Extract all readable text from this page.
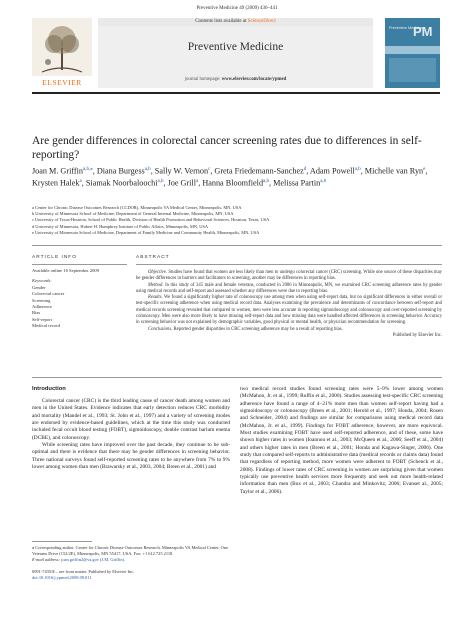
Preventive Medicine 49 (2009) 436–441
ELSEVIER
Contents lists available at ScienceDirect
Preventive Medicine
journal homepage: www.elsevier.com/locate/ypmed
Preventive Medicine
PM
Are gender differences in colorectal cancer screening rates due to differences in self-reporting?
Joan M. Griffin$^{a,b,⁎}$, Diana Burgess$^{a,b}$, Sally W. Vernon$^c$, Greta Friedemann-Sanchez$^d$, Adam Powell$^{a,b}$, Michelle van Ryn$^e$, Krysten Halek$^a$, Siamak Noorbaloochi$^{a,b}$, Joe Grill$^a$, Hanna Bloomfield$^{a,b}$, Melissa Partin$^{a,b}$
a Center for Chronic Disease Outcomes Research (CCDOR), Minneapolis VA Medical Center, Minneapolis, MN, USA
b University of Minnesota School of Medicine, Department of General Internal Medicine, Minneapolis, MN, USA
c University of Texas-Houston, School of Public Health, Division of Health Promotion and Behavioral Sciences, Houston, Texas, USA
d University of Minnesota, Hubert H. Humphrey Institute of Public Affairs, Minneapolis, MN, USA
e University of Minnesota School of Medicine, Department of Family Medicine and Community Health, Minneapolis, MN, USA
ARTICLE INFO
Available online 16 September 2009
Keywords:
Gender
Colorectal cancer
Screening
Adherence
Bias
Self-report
Medical record
ABSTRACT

Objective. Studies have found that women are less likely than men to undergo colorectal cancer (CRC) screening. While one source of these disparities may be gender differences in barriers and facilitators to screening, another may be differences in reporting bias.

Method. In this study of 345 male and female veterans, conducted in 2006 in Minneapolis, MN, we examined CRC screening adherence rates by gender using medical records and self-report and assessed whether any differences were due to reporting bias.

Results. We found a significantly higher rate of colonoscopy use among men when using self-report data, but no significant differences in either overall or test-specific screening adherence when using medical record data. Analyses examining the prevalence and determinants of concordance between self-report and medical records screening revealed that compared to women, men were less accurate in reporting sigmoidoscopy and colonoscopy and over-reported screening by colonoscopy. Men were also more likely to have missing self-report data and how missing data were handled affected differences in screening behavior. Accuracy in screening behavior was not explained by demographic variables, good physical or mental health, or physician recommendation for screening.

Conclusions. Reported gender disparities in CRC screening adherence may be a result of reporting bias.

Published by Elsevier Inc.
Introduction

Colorectal cancer (CRC) is the third leading cause of cancer death among women and men in the United States. Evidence indicates that early detection reduces CRC morbidity and mortality (Mandel et al., 1993; St. John et al., 1997) and a variety of screening modes are endorsed by evidence-based guidelines, which at the time this study was conducted included fecal occult blood testing (FOBT), sigmoidoscopy, double contrast barium enema (DCBE), and colonoscopy.

While screening rates have improved over the past decade, they continue to be sub-optimal and there is evidence that there may be gender differences in screening behavior. Three national surveys found self-reported screening rates to be anywhere from 7% to 9% lower among women than men (Brawarsky et al., 2003, 2004; Breen et al., 2001) and

two medical record studies found screening rates were 5–9% lower among women (McMahon, Jr. et al., 1999; Ruffin et al., 2000). Studies assessing test-specific CRC screening adherence have found a range of 4–21% more men than women self-report having had a sigmoidoscopy or colonoscopy (Breen et al., 2001; Herold et al., 1997; Honda, 2004; Rosen and Schneider, 2004) and findings are similar for comparisons using medical record data (McMahon, Jr. et al., 1999). Findings for FOBT adherence, however, are more equivocal. Most studies examining FOBT have used self-reported adherence, and of these, some have shown higher rates in women (Ioannou et al., 2003; McQueen et al., 2006; Seeff et al., 2004) and others higher rates in men (Breen et al., 2001; Honda and Kagawa-Singer, 2006). One study that compared self-reports to administrative data (medical records or claims data) found that regardless of reporting method, more women were adherent to FOBT (Schenck et al., 2008). Findings of lower rates of CRC screening in women are surprising given that women typically use preventive health services more frequently and seek out more health-related information than men (Bux et al., 2003; Chandra and Minkovitz, 2006; Evanset al., 2005; Taylor et al., 2006).

⁎ Corresponding author. Center for Chronic Disease Outcomes Research, Minneapolis VA Medical Center, One Veterans Drive (152/2E), Minneapolis, MN 55417, USA. Fax: +1 612 725 2118.
E-mail address: joan.griffin2@va.gov (J.M. Griffin).
0091-7435/$ – see front matter. Published by Elsevier Inc.
doi:10.1016/j.ypmed.2009.09.011
